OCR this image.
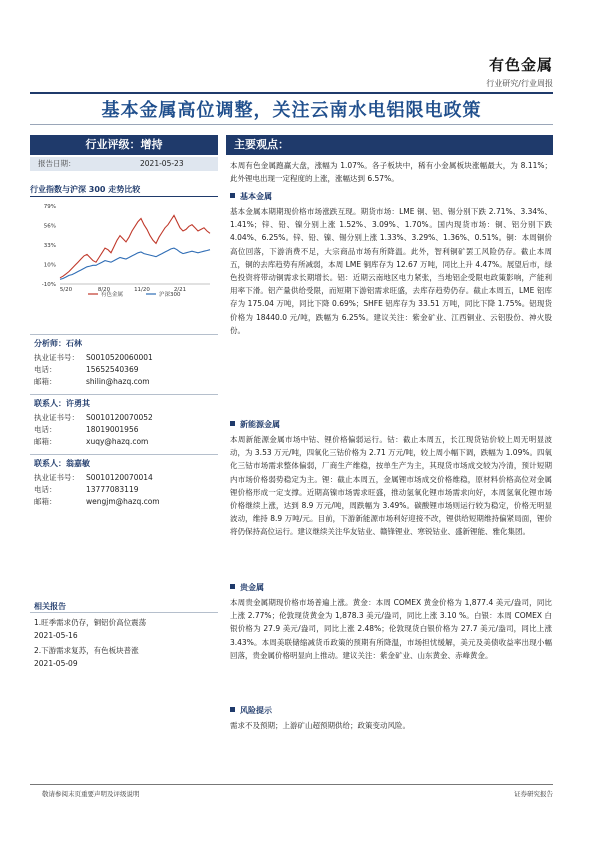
有色金属
行业研究/行业周报
基本金属高位调整，关注云南水电铝限电政策
行业评级：增持
报告日期：	2021-05-23
行业指数与沪深 300 走势比较
79%
56%
33%
10%
-10%
5/20	8/20	11/20	2/21
有色金属	沪深300
分析师：石林
执业证书号： S0010520060001
电话：	15652540369
邮箱：	shilin@hazq.com
联系人：许勇其
执业证书号： S0010120070052
电话：	18019001956
邮箱：	xuqy@hazq.com
联系人：翁嘉敏
执业证书号： S0010120070014
电话：	13777083119
邮箱：	wengjm@hazq.com
相关报告
1.旺季需求仍存，铜铝价高位震荡
2021-05-16
2.下游需求复苏，有色板块普涨
2021-05-09
主要观点：
本周有色金属跑赢大盘，涨幅为 1.07%。各子板块中，稀有小金属板块涨幅最大，为 8.11%；此外锂电出现一定程度的上涨，涨幅达到 6.57%。
基本金属
基本金属本期期现价格市场涨跌互现。期货市场：LME 铜、铝、锡分别下跌 2.71%、3.34%、1.41%；锌、铅、镍分别上涨 1.52%、3.09%、1.70%。国内现货市场：铜、铝分别下跌 4.04%、6.25%。锌、铅、镍、锡分别上涨 1.33%、3.29%、1.36%、0.51%。铜：本周铜价高位回落，下游消费不足，大宗商品市场有所降温。此外，智利铜矿罢工风险仍存。截止本周五，铜的去库趋势有所减弱，本周 LME 铜库存为 12.67 万吨，同比上升 4.47%。展望后市，绿色投资将带动铜需求长期增长。铝：近期云南地区电力紧张，当地铝企受限电政策影响，产能利用率下滑。铝产量供给受限，而短期下游铝需求旺盛，去库存趋势仍存。截止本周五，LME 铝库存为 175.04 万吨，同比下降 0.69%；SHFE 铝库存为 33.51 万吨，同比下降 1.75%。铝现货价格为 18440.0 元/吨，跌幅为 6.25%。建议关注：紫金矿业、江西铜业、云铝股份、神火股份。
新能源金属
本周新能源金属市场中钴、锂价格偏弱运行。钴：截止本周五，长江现货钴价较上周无明显波动，为 3.53 万元/吨，四氧化三钴价格为 2.71 万元/吨，较上周小幅下调，跌幅为 1.09%。四氧化三钴市场需求整体偏弱，厂商生产维稳，按单生产为主，其现货市场成交较为冷清，预计短期内市场价格弱势稳定为主。锂：截止本周五，金属锂市场成交价格维稳，原材料价格高位对金属锂价格形成一定支撑。近期高镍市场需求旺盛，推动氢氧化锂市场需求向好，本周氢氧化锂市场价格继续上涨，达到 8.9 万元/吨，周跌幅为 3.49%。碳酸锂市场则运行较为稳定，价格无明显波动，维持 8.9 万吨/元。目前，下游新能源市场利好迎接不改，锂供给短期维持偏紧局面，锂价将仍保持高位运行。建议继续关注华友钴业、赣锋锂业、寒锐钴业、盛新锂能、雅化集团。
贵金属
本周贵金属期现价格市场普遍上涨。黄金：本周 COMEX 黄金价格为 1,877.4 美元/盎司，同比上涨 2.77%；伦敦现货黄金为 1,878.3 美元/盎司，同比上涨 3.10 %。白银：本周 COMEX 白银价格为 27.9 美元/盎司，同比上涨 2.48%；伦敦现货白银价格为 27.7 美元/盎司，同比上涨 3.43%。本周美联储缩减货币政策的预期有所降温，市场担忧缓解，美元及美债收益率出现小幅回落，贵金属价格明显向上推动。建议关注：紫金矿业、山东黄金、赤峰黄金。
风险提示
需求不及预期；上游矿山超预期供给；政策变动风险。
敬请参阅末页重要声明及评级说明	证券研究报告
